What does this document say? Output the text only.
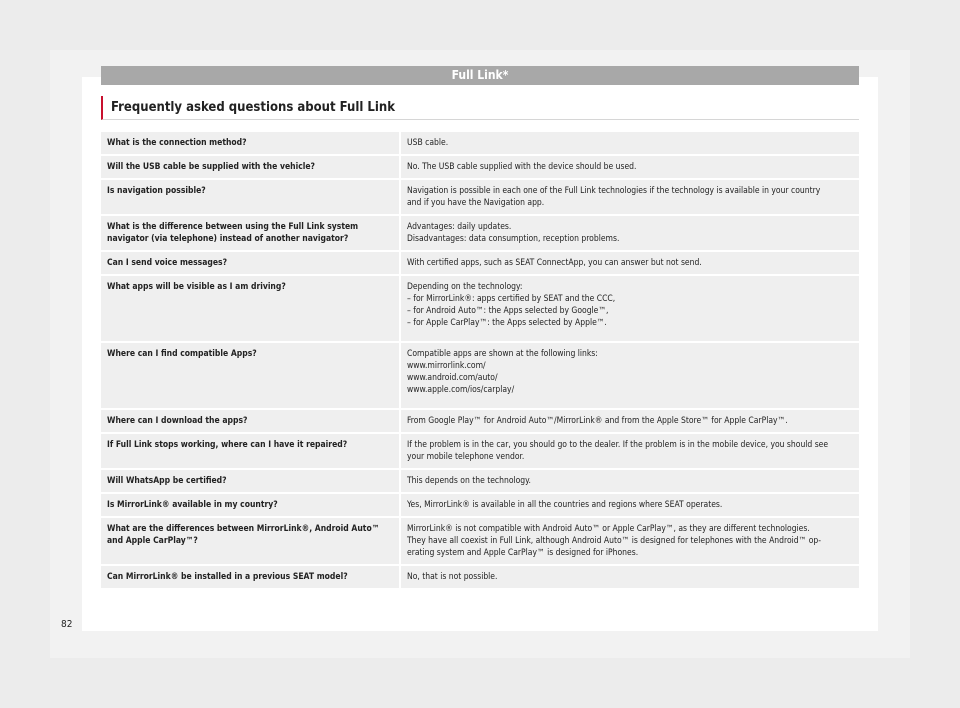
Full Link*
Frequently asked questions about Full Link
What is the connection method?	USB cable.

Will the USB cable be supplied with the vehicle?	No. The USB cable supplied with the device should be used.

Is navigation possible?	Navigation is possible in each one of the Full Link technologies if the technology is available in your country
and if you have the Navigation app.

What is the difference between using the Full Link system navigator (via telephone) instead of another navigator?	Advantages: daily updates.
Disadvantages: data consumption, reception problems.

Can I send voice messages?	With certified apps, such as SEAT ConnectApp, you can answer but not send.

What apps will be visible as I am driving?	Depending on the technology:
– for MirrorLink®: apps certified by SEAT and the CCC,
– for Android Auto™: the Apps selected by Google™,
– for Apple CarPlay™: the Apps selected by Apple™.

Where can I find compatible Apps?	Compatible apps are shown at the following links:
www.mirrorlink.com/
www.android.com/auto/
www.apple.com/ios/carplay/

Where can I download the apps?	From Google Play™ for Android Auto™/MirrorLink® and from the Apple Store™ for Apple CarPlay™.

If Full Link stops working, where can I have it repaired?	If the problem is in the car, you should go to the dealer. If the problem is in the mobile device, you should see
your mobile telephone vendor.

Will WhatsApp be certified?	This depends on the technology.

Is MirrorLink® available in my country?	Yes, MirrorLink® is available in all the countries and regions where SEAT operates.

What are the differences between MirrorLink®, Android Auto™ and Apple CarPlay™?	MirrorLink® is not compatible with Android Auto™ or Apple CarPlay™, as they are different technologies.
They have all coexist in Full Link, although Android Auto™ is designed for telephones with the Android™ op-
erating system and Apple CarPlay™ is designed for iPhones.

Can MirrorLink® be installed in a previous SEAT model?	No, that is not possible.
82
